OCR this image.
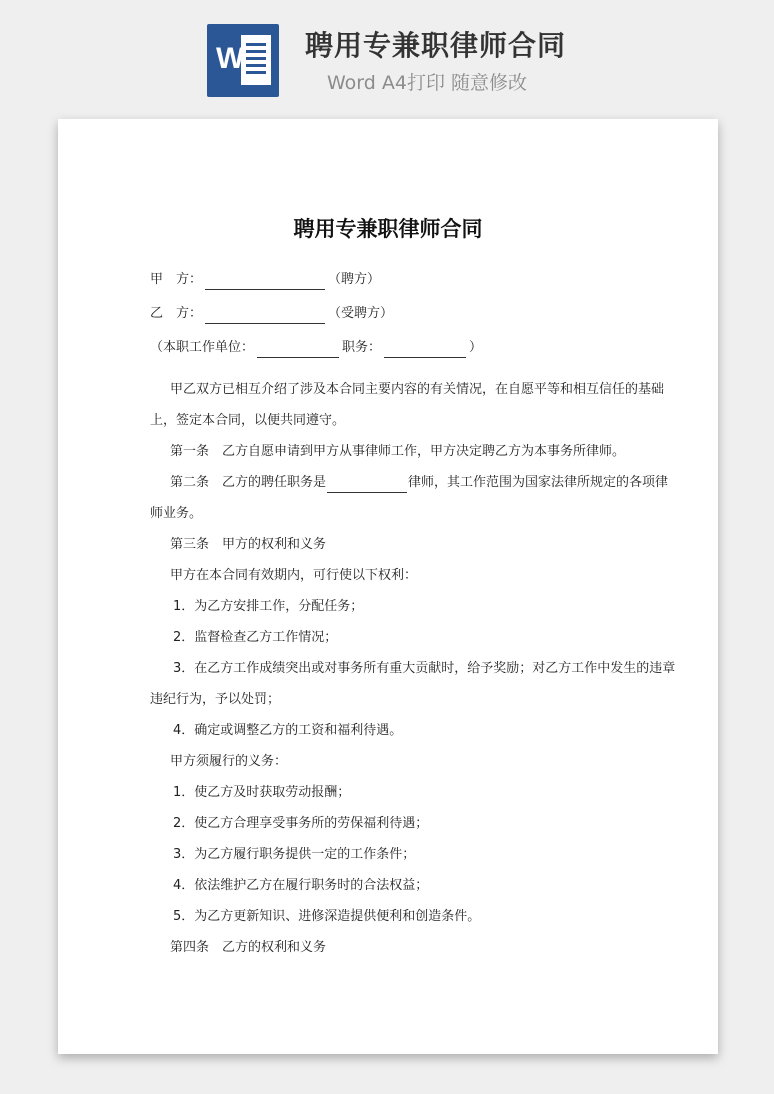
W 聘用专兼职律师合同
Word A4打印 随意修改
聘用专兼职律师合同
甲　方：	（聘方）
乙　方：	（受聘方）
（本职工作单位：	职务：	）
甲乙双方已相互介绍了涉及本合同主要内容的有关情况，在自愿平等和相互信任的基础
上，签定本合同，以便共同遵守。
第一条　乙方自愿申请到甲方从事律师工作，甲方决定聘乙方为本事务所律师。
第二条　乙方的聘任职务是	律师，其工作范围为国家法律所规定的各项律
师业务。
第三条　甲方的权利和义务
甲方在本合同有效期内，可行使以下权利：
1．为乙方安排工作，分配任务；
2．监督检查乙方工作情况；
3．在乙方工作成绩突出或对事务所有重大贡献时，给予奖励；对乙方工作中发生的违章
违纪行为，予以处罚；
4．确定或调整乙方的工资和福利待遇。
甲方须履行的义务：
1．使乙方及时获取劳动报酬；
2．使乙方合理享受事务所的劳保福利待遇；
3．为乙方履行职务提供一定的工作条件；
4．依法维护乙方在履行职务时的合法权益；
5．为乙方更新知识、进修深造提供便利和创造条件。
第四条　乙方的权利和义务
